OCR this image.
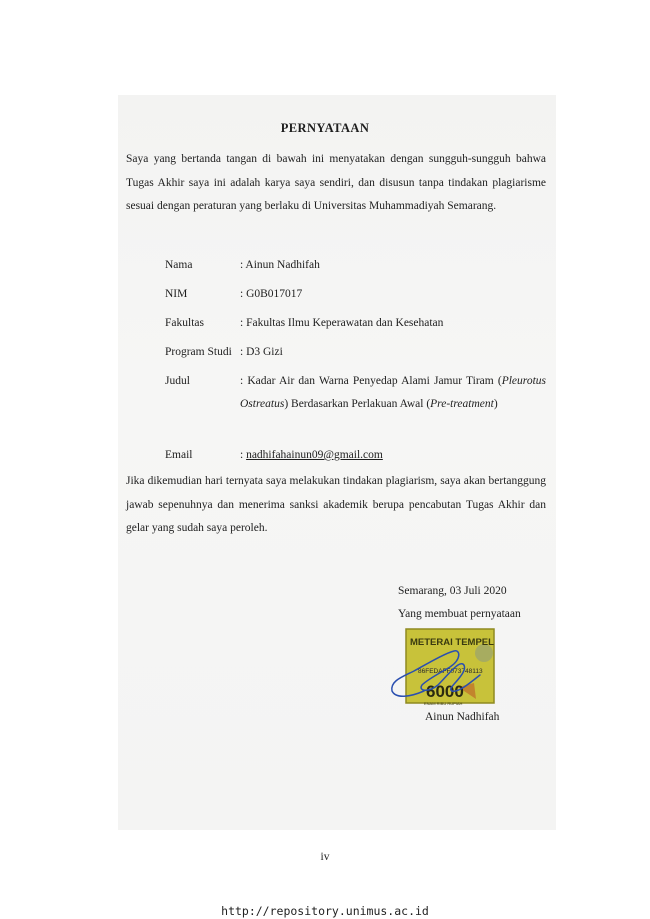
PERNYATAAN
Saya yang bertanda tangan di bawah ini menyatakan dengan sungguh-sungguh bahwa Tugas Akhir saya ini adalah karya saya sendiri, dan disusun tanpa tindakan plagiarisme sesuai dengan peraturan yang berlaku di Universitas Muhammadiyah Semarang.
Nama	: Ainun Nadhifah
NIM	: G0B017017
Fakultas	: Fakultas Ilmu Keperawatan dan Kesehatan
Program Studi : D3 Gizi
Judul	: Kadar Air dan Warna Penyedap Alami Jamur Tiram (Pleurotus Ostreatus) Berdasarkan Perlakuan Awal (Pre-treatment)
Email	: nadhifahainun09@gmail.com
Jika dikemudian hari ternyata saya melakukan tindakan plagiarism, saya akan bertanggung jawab sepenuhnya dan menerima sanksi akademik berupa pencabutan Tugas Akhir dan gelar yang sudah saya peroleh.
Semarang, 03 Juli 2020
Yang membuat pernyataan
METERAI TEMPEL
86FEDAFF073748113
6000
ENAM RIBU RUPIAH
Ainun Nadhifah
iv
http://repository.unimus.ac.id
